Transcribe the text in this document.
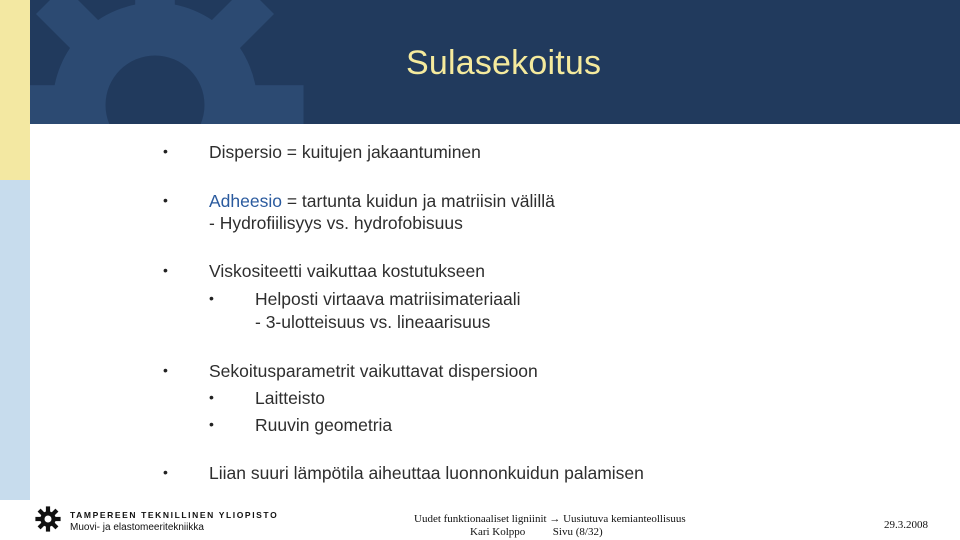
Sulasekoitus
• Dispersio = kuitujen jakaantuminen
• Adheesio = tartunta kuidun ja matriisin välillä
- Hydrofiilisyys vs. hydrofobisuus
• Viskositeetti vaikuttaa kostutukseen
• Helposti virtaava matriisimateriaali
- 3-ulotteisuus vs. lineaarisuus
• Sekoitusparametrit vaikuttavat dispersioon
• Laitteisto
• Ruuvin geometria
• Liian suuri lämpötila aiheuttaa luonnonkuidun palamisen
TAMPEREEN TEKNILLINEN YLIOPISTO
Muovi- ja elastomeeritekniikka
Uudet funktionaaliset ligniinit → Uusiutuva kemianteollisuus
Kari Kolppo	Sivu (8/32)
29.3.2008
